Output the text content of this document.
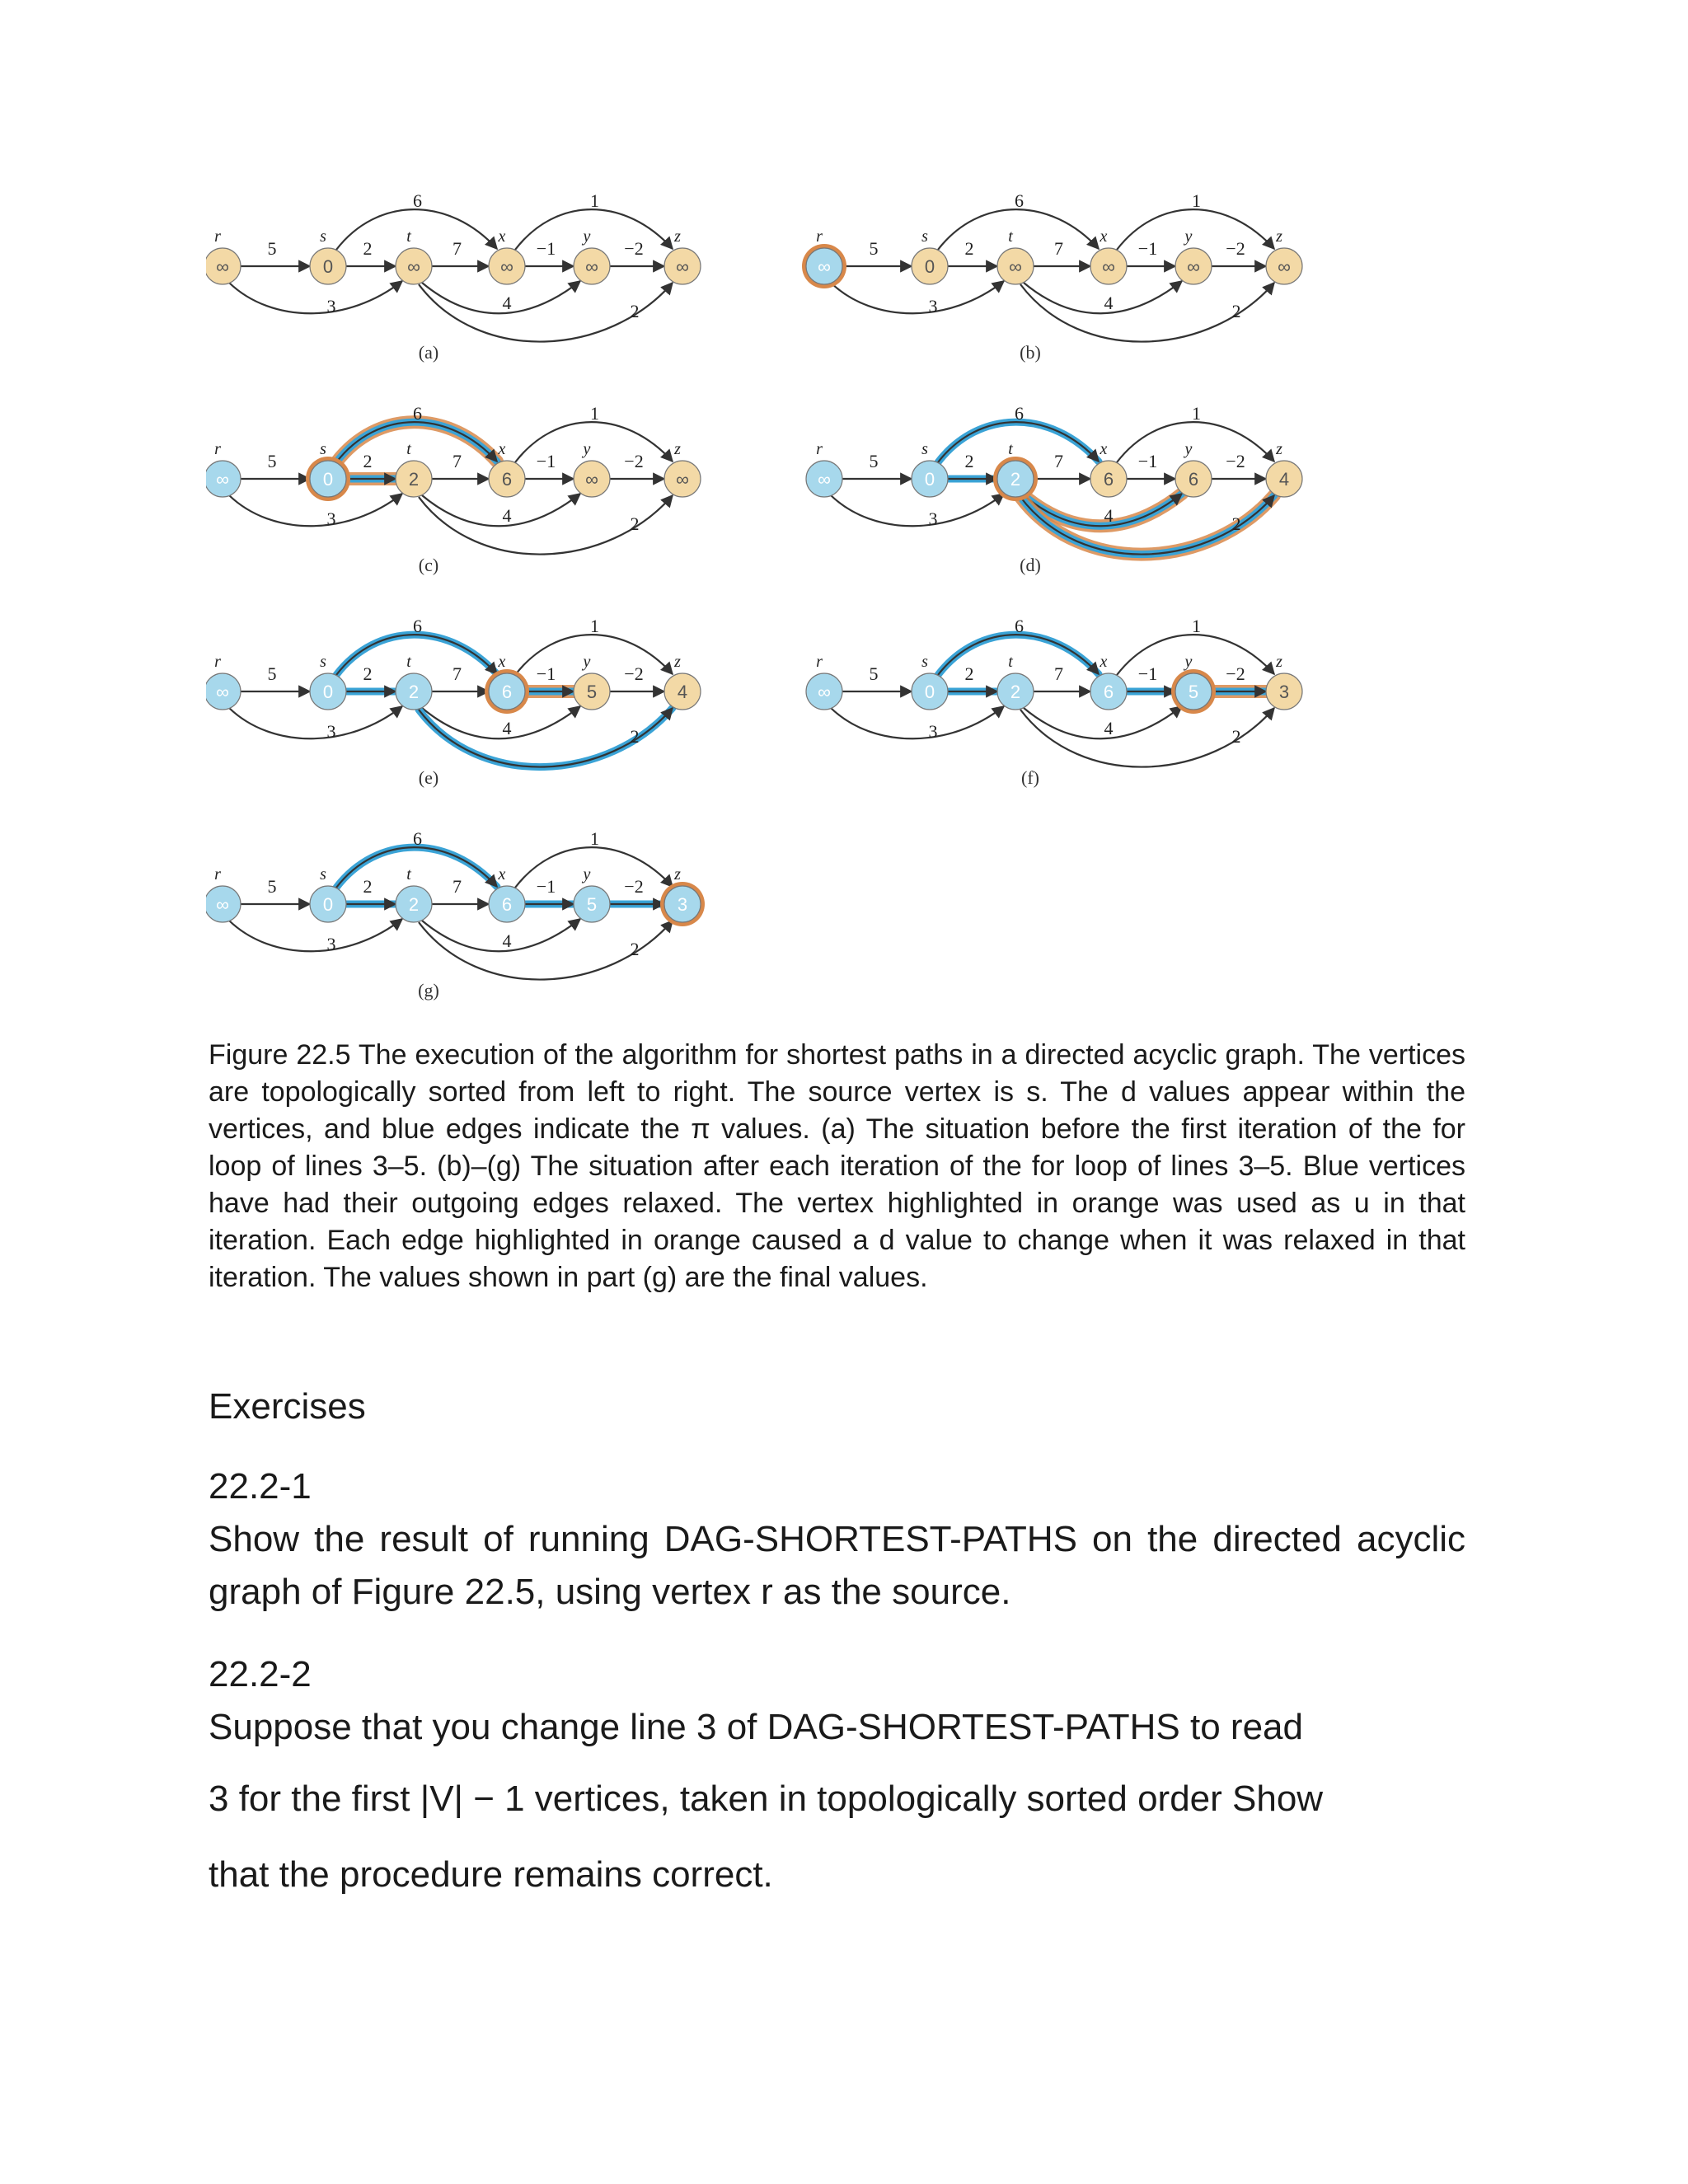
5
3
2
6
7
4	2
−1
1
−2
r
∞
s
0
t
∞
x
∞
y
∞
z
∞
(a)
5
3
2
6
7
4	2
−1
1
−2
r
∞
s
0
t
∞
x
∞
y
∞
z
∞
(b)
5
3
2
6
7
4	2
−1
1
−2
r
∞
s
0
t
2
x
6
y
∞
z
∞
(c)
5
3
2
6
7
4	2
−1
1
−2
r
∞
s
0
t
2
x
6
y
6
z
4
(d)
5
3
2
6
7
4	2
−1
1
−2
r
∞
s
0
t
2
x
6
y
5
z
4
(e)
5
3
2
6
7
4	2
−1
1
−2
r
∞
s
0
t
2
x
6
y
5
z
3
(f)
5
3
2
6
7
4	2
−1
1
−2
r
∞
s
0
t
2
x
6
y
5
z
3
(g)

Figure 22.5 The execution of the algorithm for shortest paths in a directed acyclic graph. The vertices are topologically sorted from left to right. The source vertex is s. The d values appear within the vertices, and blue edges indicate the π values. (a) The situation before the first iteration of the for loop of lines 3–5. (b)–(g) The situation after each iteration of the for loop of lines 3–5. Blue vertices have had their outgoing edges relaxed. The vertex highlighted in orange was used as u in that iteration. Each edge highlighted in orange caused a d value to change when it was relaxed in that iteration. The values shown in part (g) are the final values.

Exercises
22.2-1
Show the result of running DAG-SHORTEST-PATHS on the directed acyclic graph of Figure 22.5, using vertex r as the source.
22.2-2
Suppose that you change line 3 of DAG-SHORTEST-PATHS to read

3 for the first |V| − 1 vertices, taken in topologically sorted order Show

that the procedure remains correct.
